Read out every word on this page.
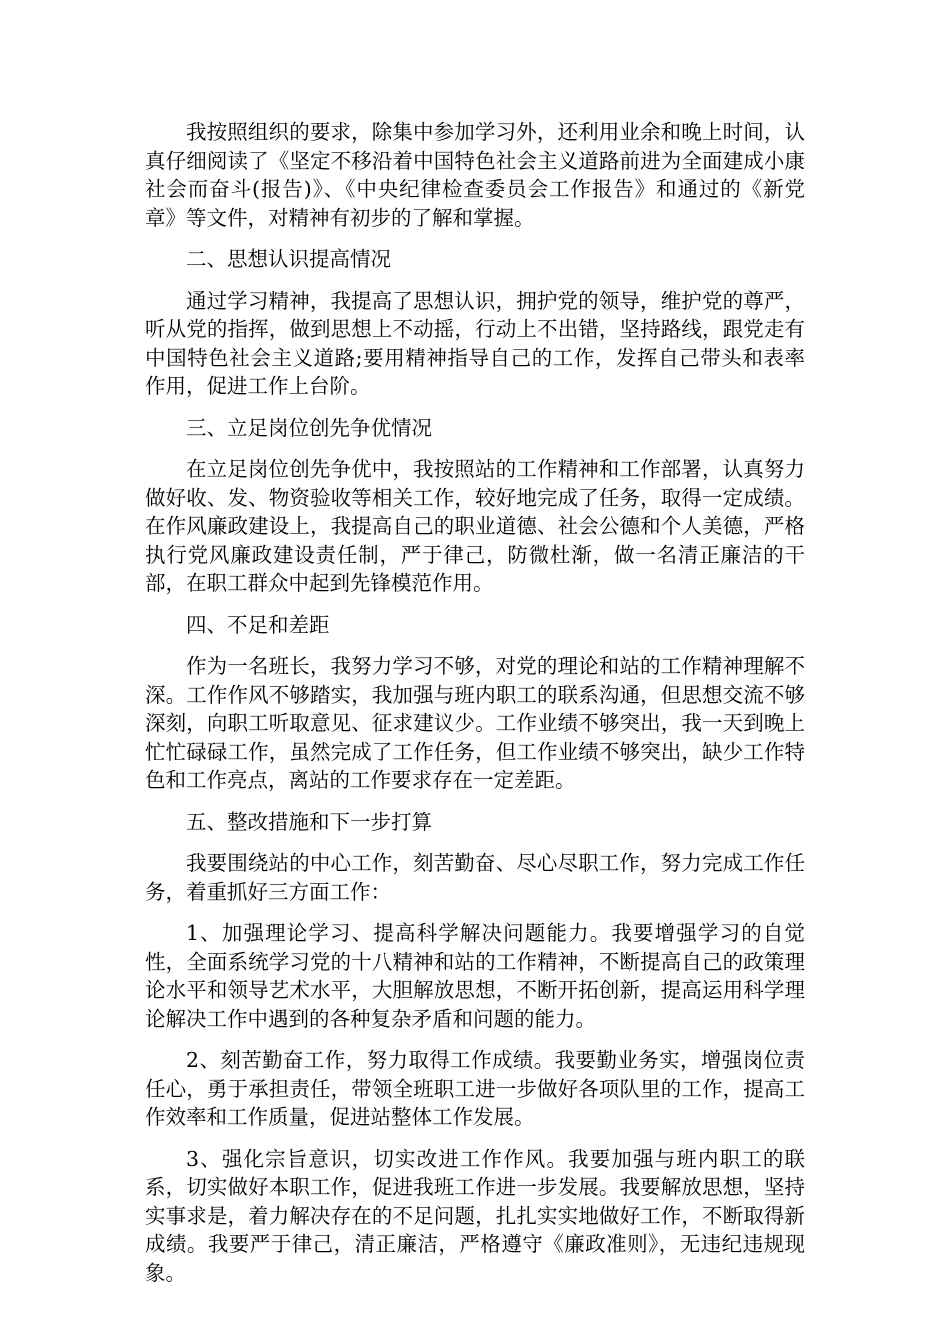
我按照组织的要求，除集中参加学习外，还利用业余和晚上时间，认真仔细阅读了《坚定不移沿着中国特色社会主义道路前进为全面建成小康社会而奋斗(报告)》、《中央纪律检查委员会工作报告》和通过的《新党章》等文件，对精神有初步的了解和掌握。

二、思想认识提高情况

通过学习精神，我提高了思想认识，拥护党的领导，维护党的尊严，听从党的指挥，做到思想上不动摇，行动上不出错，坚持路线，跟党走有中国特色社会主义道路;要用精神指导自己的工作，发挥自己带头和表率作用，促进工作上台阶。

三、立足岗位创先争优情况

在立足岗位创先争优中，我按照站的工作精神和工作部署，认真努力做好收、发、物资验收等相关工作，较好地完成了任务，取得一定成绩。在作风廉政建设上，我提高自己的职业道德、社会公德和个人美德，严格执行党风廉政建设责任制，严于律己，防微杜渐，做一名清正廉洁的干部，在职工群众中起到先锋模范作用。

四、不足和差距

作为一名班长，我努力学习不够，对党的理论和站的工作精神理解不深。工作作风不够踏实，我加强与班内职工的联系沟通，但思想交流不够深刻，向职工听取意见、征求建议少。工作业绩不够突出，我一天到晚上忙忙碌碌工作，虽然完成了工作任务，但工作业绩不够突出，缺少工作特色和工作亮点，离站的工作要求存在一定差距。

五、整改措施和下一步打算

我要围绕站的中心工作，刻苦勤奋、尽心尽职工作，努力完成工作任务，着重抓好三方面工作：

1、加强理论学习、提高科学解决问题能力。我要增强学习的自觉性，全面系统学习党的十八精神和站的工作精神，不断提高自己的政策理论水平和领导艺术水平，大胆解放思想，不断开拓创新，提高运用科学理论解决工作中遇到的各种复杂矛盾和问题的能力。

2、刻苦勤奋工作，努力取得工作成绩。我要勤业务实，增强岗位责任心，勇于承担责任，带领全班职工进一步做好各项队里的工作，提高工作效率和工作质量，促进站整体工作发展。

3、强化宗旨意识，切实改进工作作风。我要加强与班内职工的联系，切实做好本职工作，促进我班工作进一步发展。我要解放思想，坚持实事求是，着力解决存在的不足问题，扎扎实实地做好工作，不断取得新成绩。我要严于律己，清正廉洁，严格遵守《廉政准则》，无违纪违规现象。
